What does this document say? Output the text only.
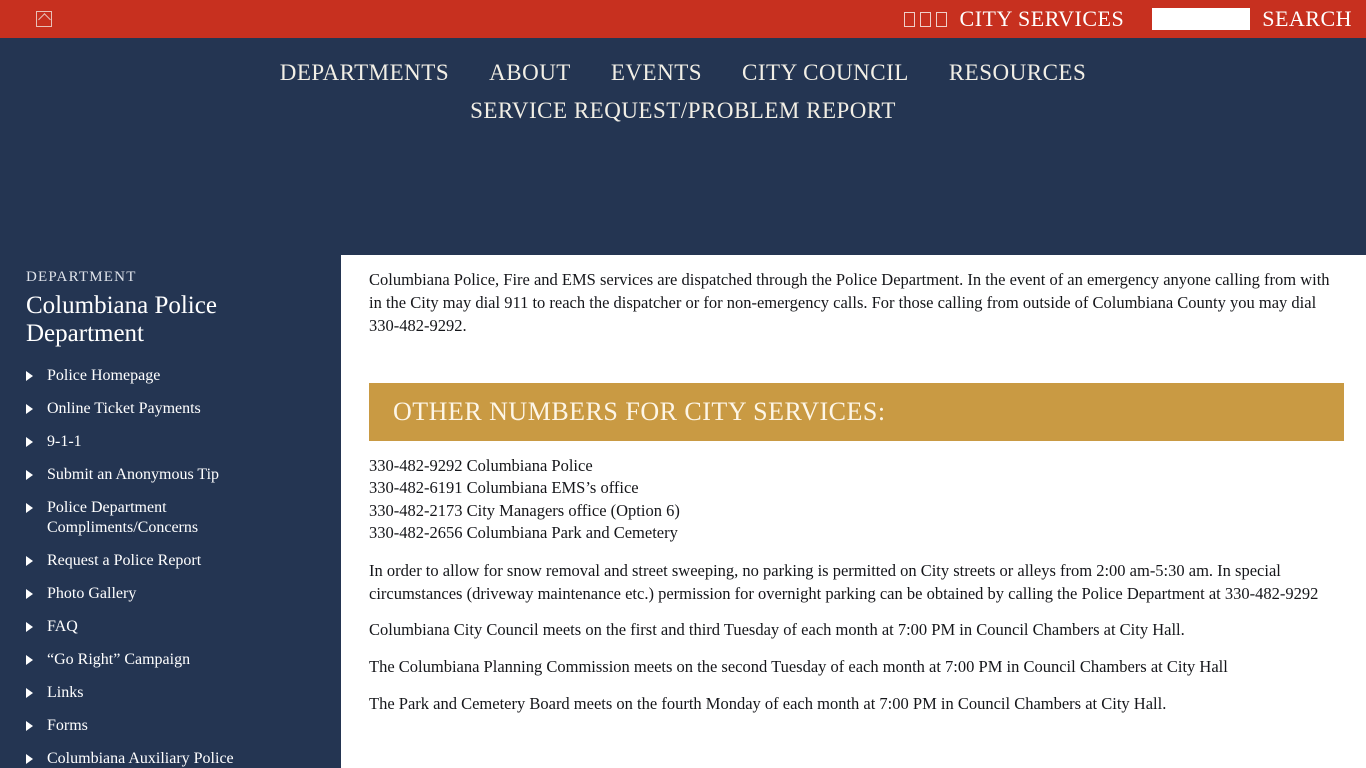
CITY SERVICES	SEARCH
DEPARTMENTS ABOUT EVENTS CITY COUNCIL RESOURCES
SERVICE REQUEST/PROBLEM REPORT
DEPARTMENT
Columbiana Police Department
Police Homepage
Online Ticket Payments
9-1-1
Submit an Anonymous Tip
Police Department Compliments/Concerns
Request a Police Report
Photo Gallery
FAQ
“Go Right” Campaign
Links
Forms
Columbiana Auxiliary Police

Columbiana Police, Fire and EMS services are dispatched through the Police Department. In the event of an emergency anyone calling from with in the City may dial 911 to reach the dispatcher or for non-emergency calls. For those calling from outside of Columbiana County you may dial 330-482-9292.

OTHER NUMBERS FOR CITY SERVICES:
330-482-9292 Columbiana Police
330-482-6191 Columbiana EMS’s office
330-482-2173 City Managers office (Option 6)
330-482-2656 Columbiana Park and Cemetery

In order to allow for snow removal and street sweeping, no parking is permitted on City streets or alleys from 2:00 am-5:30 am. In special circumstances (driveway maintenance etc.) permission for overnight parking can be obtained by calling the Police Department at 330-482-9292

Columbiana City Council meets on the first and third Tuesday of each month at 7:00 PM in Council Chambers at City Hall.

The Columbiana Planning Commission meets on the second Tuesday of each month at 7:00 PM in Council Chambers at City Hall

The Park and Cemetery Board meets on the fourth Monday of each month at 7:00 PM in Council Chambers at City Hall.
